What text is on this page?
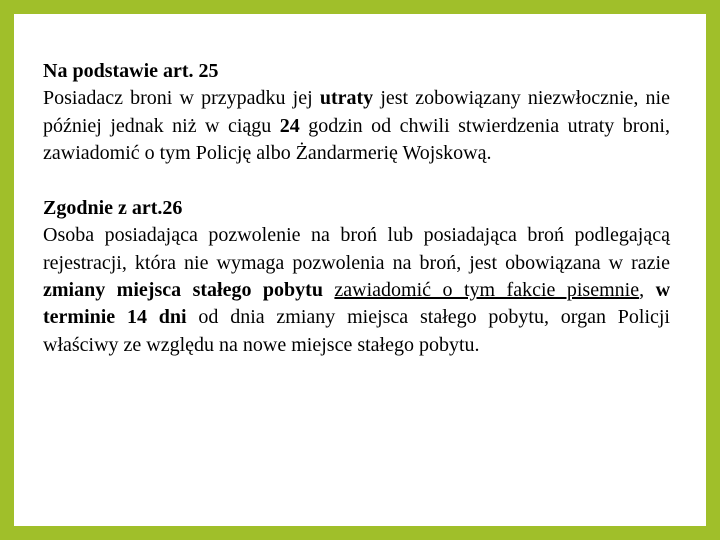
Na podstawie art. 25

Posiadacz broni w przypadku jej utraty jest zobowiązany niezwłocznie, nie później jednak niż w ciągu 24 godzin od chwili stwierdzenia utraty broni, zawiadomić o tym Policję albo Żandarmerię Wojskową.

Zgodnie z art.26

Osoba posiadająca pozwolenie na broń lub posiadająca broń podlegającą rejestracji, która nie wymaga pozwolenia na broń, jest obowiązana w razie zmiany miejsca stałego pobytu zawiadomić o tym fakcie pisemnie, w terminie 14 dni od dnia zmiany miejsca stałego pobytu, organ Policji właściwy ze względu na nowe miejsce stałego pobytu.
